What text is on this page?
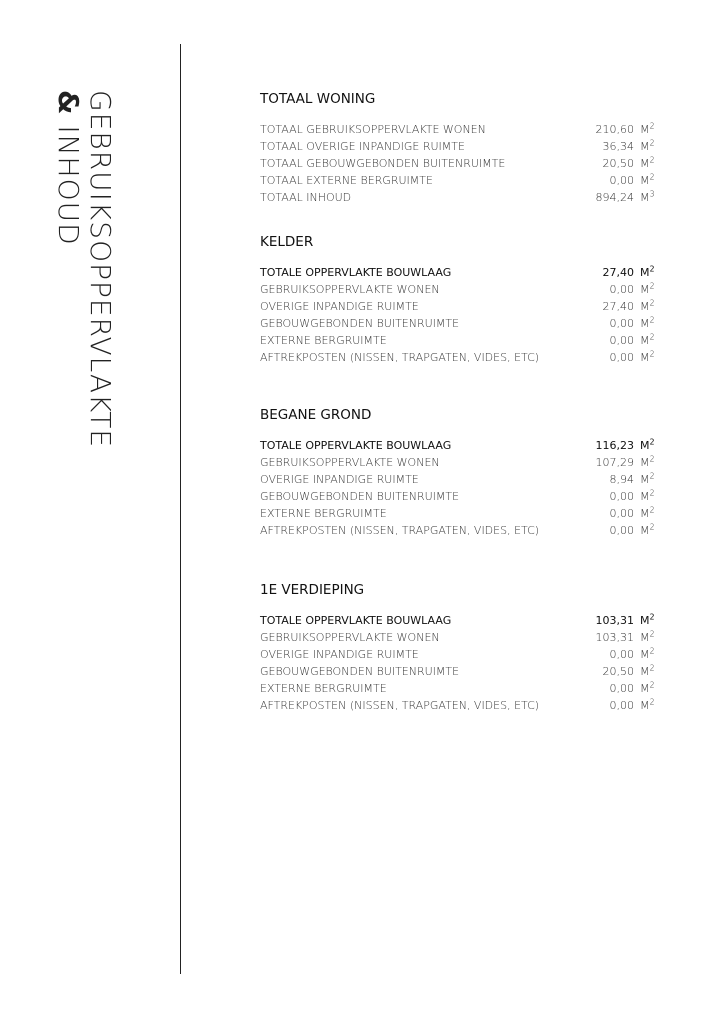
GEBRUIKSOPPERVLAKTE
& INHOUD
TOTAAL WONING
TOTAAL GEBRUIKSOPPERVLAKTE WONEN	210,60 $M^2$
TOTAAL OVERIGE INPANDIGE RUIMTE	36,34 $M^2$
TOTAAL GEBOUWGEBONDEN BUITENRUIMTE	20,50 $M^2$
TOTAAL EXTERNE BERGRUIMTE	0,00 $M^2$
TOTAAL INHOUD	894,24 $M^3$
KELDER
TOTALE OPPERVLAKTE BOUWLAAG	27,40 $M^2$
GEBRUIKSOPPERVLAKTE WONEN	0,00 $M^2$
OVERIGE INPANDIGE RUIMTE	27,40 $M^2$
GEBOUWGEBONDEN BUITENRUIMTE	0,00 $M^2$
EXTERNE BERGRUIMTE	0,00 $M^2$
AFTREKPOSTEN (NISSEN, TRAPGATEN, VIDES, ETC)	0,00 $M^2$
BEGANE GROND
TOTALE OPPERVLAKTE BOUWLAAG	116,23 $M^2$
GEBRUIKSOPPERVLAKTE WONEN	107,29 $M^2$
OVERIGE INPANDIGE RUIMTE	8,94 $M^2$
GEBOUWGEBONDEN BUITENRUIMTE	0,00 $M^2$
EXTERNE BERGRUIMTE	0,00 $M^2$
AFTREKPOSTEN (NISSEN, TRAPGATEN, VIDES, ETC)	0,00 $M^2$
1E VERDIEPING
TOTALE OPPERVLAKTE BOUWLAAG	103,31 $M^2$
GEBRUIKSOPPERVLAKTE WONEN	103,31 $M^2$
OVERIGE INPANDIGE RUIMTE	0,00 $M^2$
GEBOUWGEBONDEN BUITENRUIMTE	20,50 $M^2$
EXTERNE BERGRUIMTE	0,00 $M^2$
AFTREKPOSTEN (NISSEN, TRAPGATEN, VIDES, ETC)	0,00 $M^2$
